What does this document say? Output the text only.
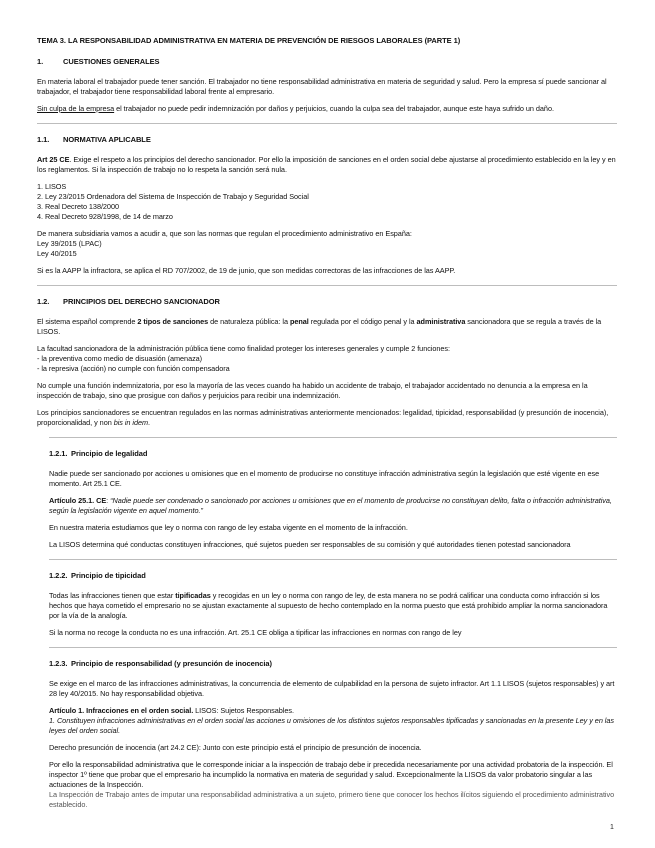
TEMA 3. LA RESPONSABILIDAD ADMINISTRATIVA EN MATERIA DE PREVENCIÓN DE RIESGOS LABORALES (PARTE 1)
1.	CUESTIONES GENERALES

En materia laboral el trabajador puede tener sanción. El trabajador no tiene responsabilidad administrativa en materia de seguridad y salud. Pero la empresa sí puede sancionar al trabajador, el trabajador tiene responsabilidad laboral frente al empresario.

Sin culpa de la empresa el trabajador no puede pedir indemnización por daños y perjuicios, cuando la culpa sea del trabajador, aunque este haya sufrido un daño.

1.1. NORMATIVA APLICABLE

Art 25 CE. Exige el respeto a los principios del derecho sancionador. Por ello la imposición de sanciones en el orden social debe ajustarse al procedimiento establecido en la ley y en los reglamentos. Si la inspección de trabajo no lo respeta la sanción será nula.

1. LISOS
2. Ley 23/2015 Ordenadora del Sistema de Inspección de Trabajo y Seguridad Social
3. Real Decreto 138/2000
4. Real Decreto 928/1998, de 14 de marzo
De manera subsidiaria vamos a acudir a, que son las normas que regulan el procedimiento administrativo en España:
Ley 39/2015 (LPAC)
Ley 40/2015

Si es la AAPP la infractora, se aplica el RD 707/2002, de 19 de junio, que son medidas correctoras de las infracciones de las AAPP.

1.2. PRINCIPIOS DEL DERECHO SANCIONADOR

El sistema español comprende 2 tipos de sanciones de naturaleza pública: la penal regulada por el código penal y la administrativa sancionadora que se regula a través de la LISOS.

La facultad sancionadora de la administración pública tiene como finalidad proteger los intereses generales y cumple 2 funciones:
- la preventiva como medio de disuasión (amenaza)
- la represiva (acción) no cumple con función compensadora

No cumple una función indemnizatoria, por eso la mayoría de las veces cuando ha habido un accidente de trabajo, el trabajador accidentado no denuncia a la empresa en la inspección de trabajo, sino que prosigue con daños y perjuicios para recibir una indemnización.

Los principios sancionadores se encuentran regulados en las normas administrativas anteriormente mencionados: legalidad, tipicidad, responsabilidad (y presunción de inocencia), proporcionalidad, y non bis in idem.

1.2.1. Principio de legalidad

Nadie puede ser sancionado por acciones u omisiones que en el momento de producirse no constituye infracción administrativa según la legislación que esté vigente en ese momento. Art 25.1 CE.

Artículo 25.1. CE: “Nadie puede ser condenado o sancionado por acciones u omisiones que en el momento de producirse no constituyan delito, falta o infracción administrativa, según la legislación vigente en aquel momento.”

En nuestra materia estudiamos que ley o norma con rango de ley estaba vigente en el momento de la infracción.

La LISOS determina qué conductas constituyen infracciones, qué sujetos pueden ser responsables de su comisión y qué autoridades tienen potestad sancionadora

1.2.2. Principio de tipicidad

Todas las infracciones tienen que estar tipificadas y recogidas en un ley o norma con rango de ley, de esta manera no se podrá calificar una conducta como infracción si los hechos que haya cometido el empresario no se ajustan exactamente al supuesto de hecho contemplado en la norma puesto que está prohibido ampliar la norma sancionadora por la vía de la analogía.

Si la norma no recoge la conducta no es una infracción. Art. 25.1 CE obliga a tipificar las infracciones en normas con rango de ley

1.2.3. Principio de responsabilidad (y presunción de inocencia)

Se exige en el marco de las infracciones administrativas, la concurrencia de elemento de culpabilidad en la persona de sujeto infractor. Art 1.1 LISOS (sujetos responsables) y art 28 ley 40/2015. No hay responsabilidad objetiva.

Artículo 1. Infracciones en el orden social. LISOS: Sujetos Responsables.
1. Constituyen infracciones administrativas en el orden social las acciones u omisiones de los distintos sujetos responsables tipificadas y sancionadas en la presente Ley y en las leyes del orden social.

Derecho presunción de inocencia (art 24.2 CE): Junto con este principio está el principio de presunción de inocencia.

Por ello la responsabilidad administrativa que le corresponde iniciar a la inspección de trabajo debe ir precedida necesariamente por una actividad probatoria de la inspección. El inspector 1º tiene que probar que el empresario ha incumplido la normativa en materia de seguridad y salud. Excepcionalmente la LISOS da valor probatorio singular a las actuaciones de la Inspección.

La Inspección de Trabajo antes de imputar una responsabilidad administrativa a un sujeto, primero tiene que conocer los hechos ilícitos siguiendo el procedimiento administrativo establecido.

1
